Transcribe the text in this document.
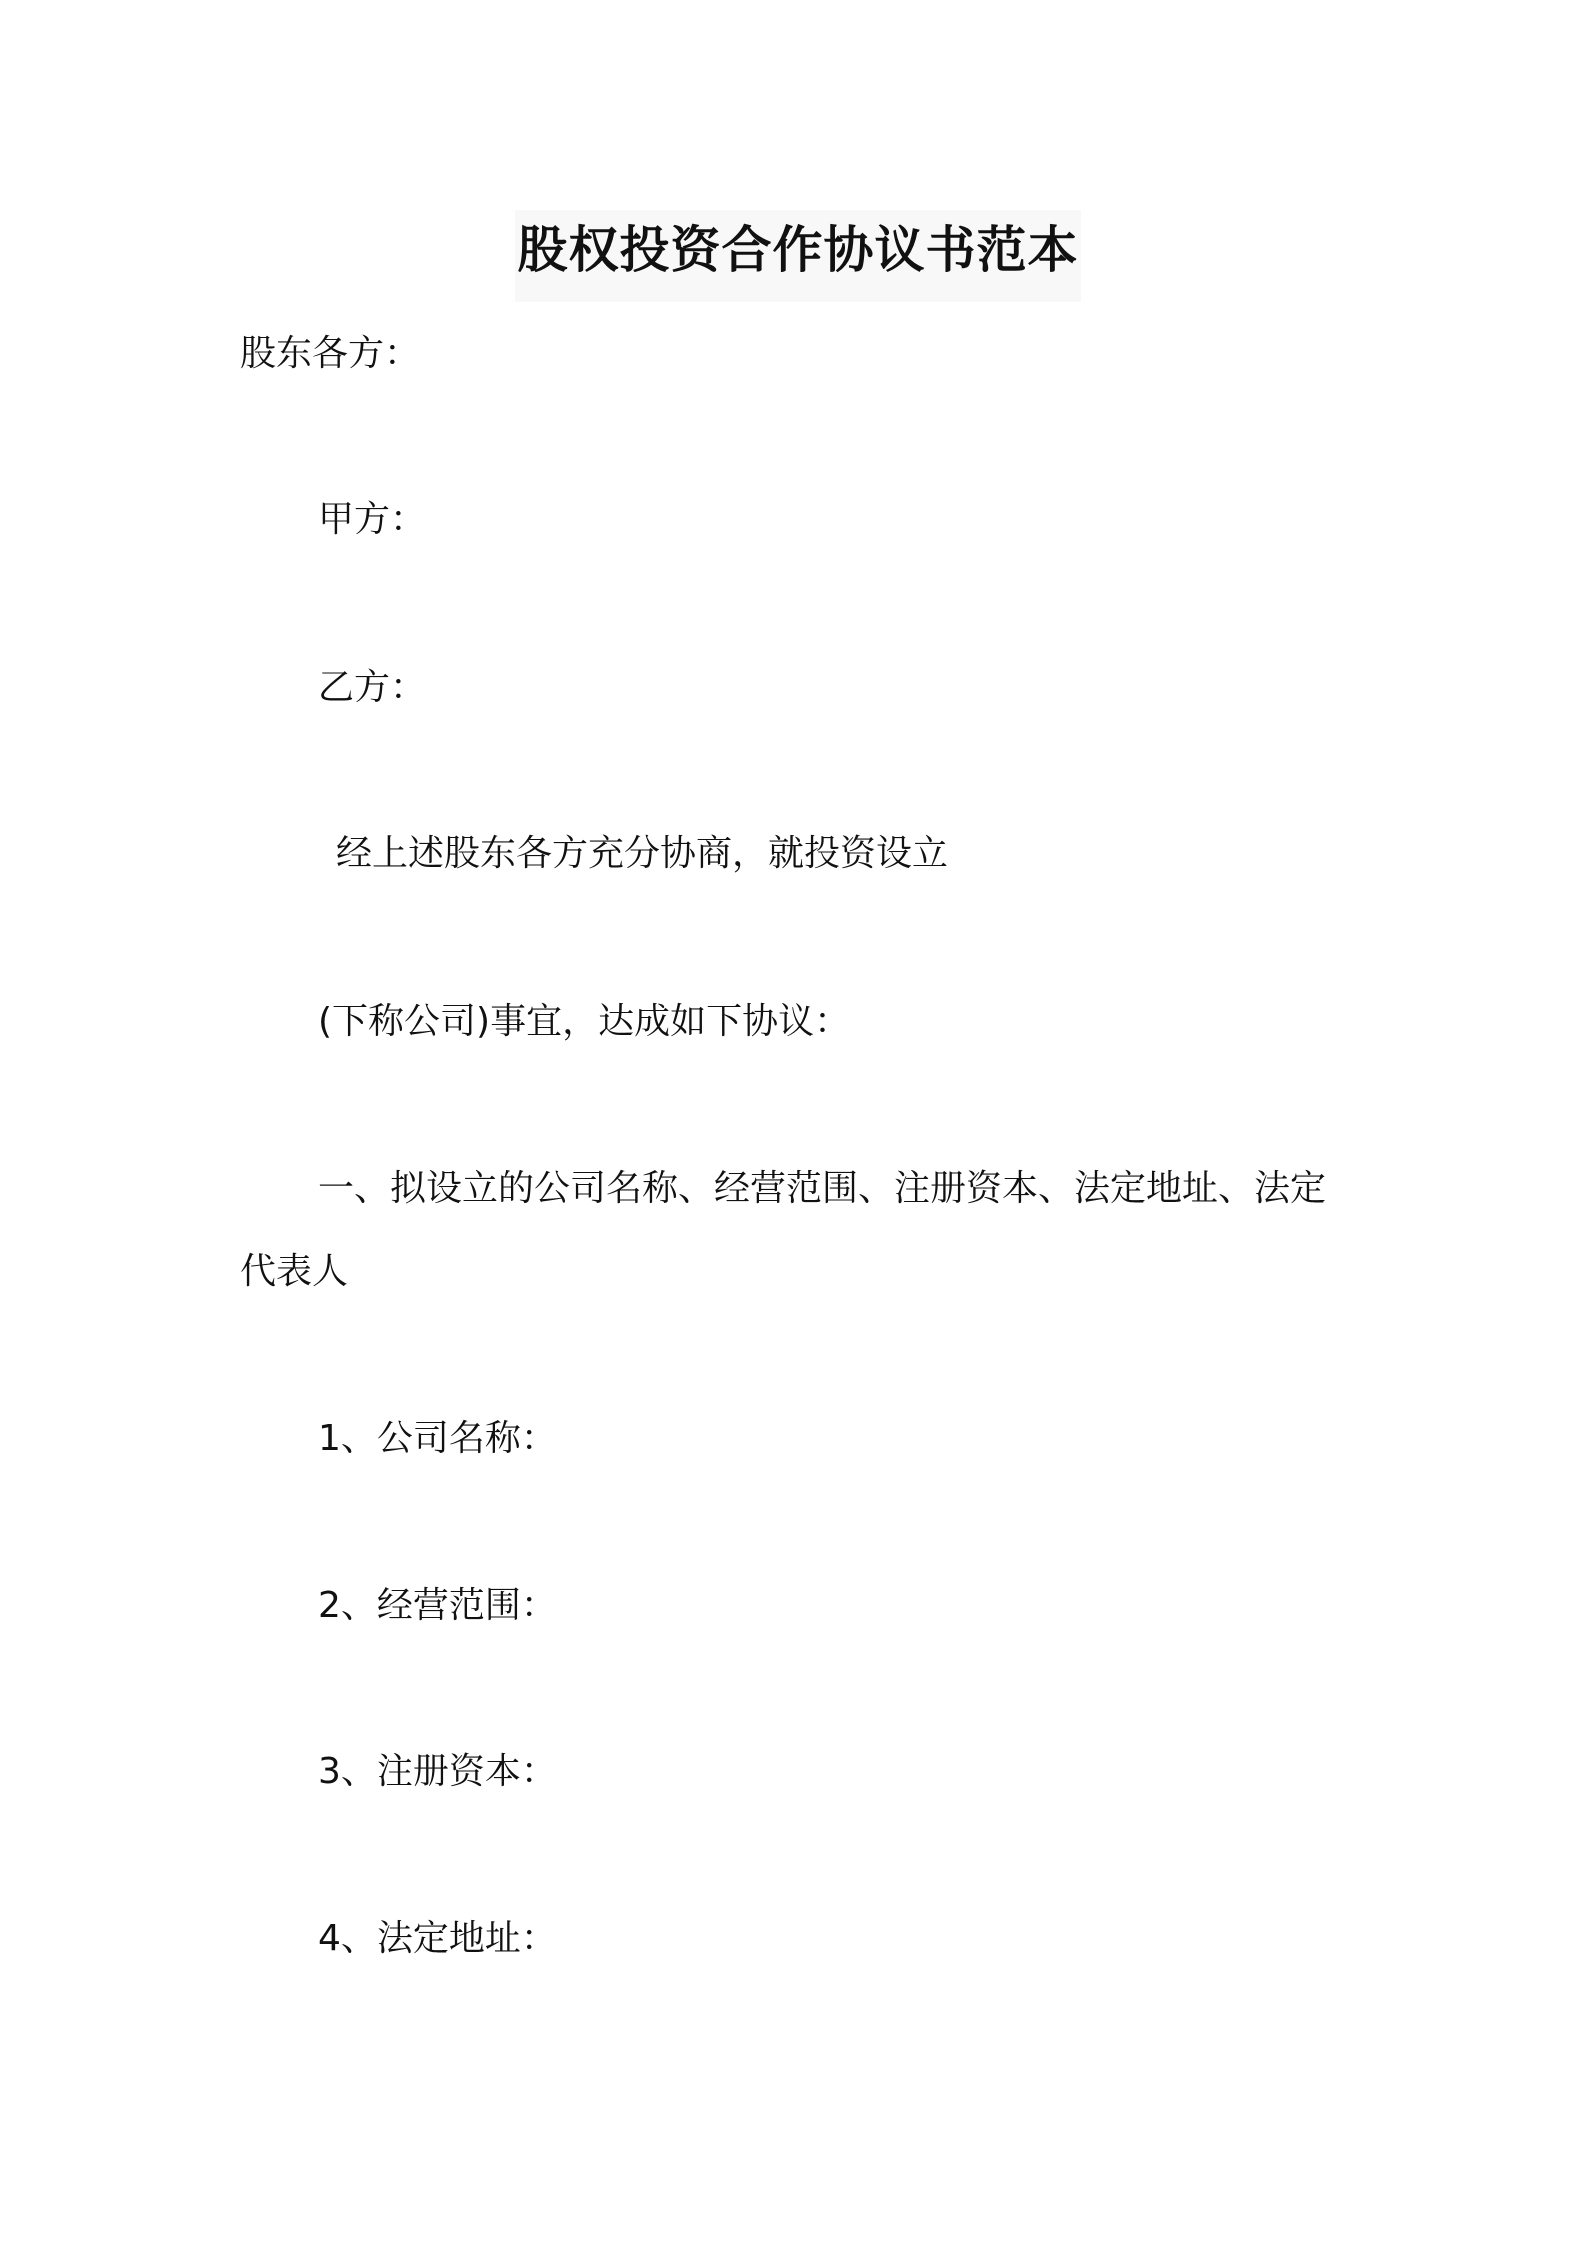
股权投资合作协议书范本
股东各方：
甲方：
乙方：
经上述股东各方充分协商，就投资设立
(下称公司)事宜，达成如下协议：
一、拟设立的公司名称、经营范围、注册资本、法定地址、法定
代表人
1、公司名称：
2、经营范围：
3、注册资本：
4、法定地址：
